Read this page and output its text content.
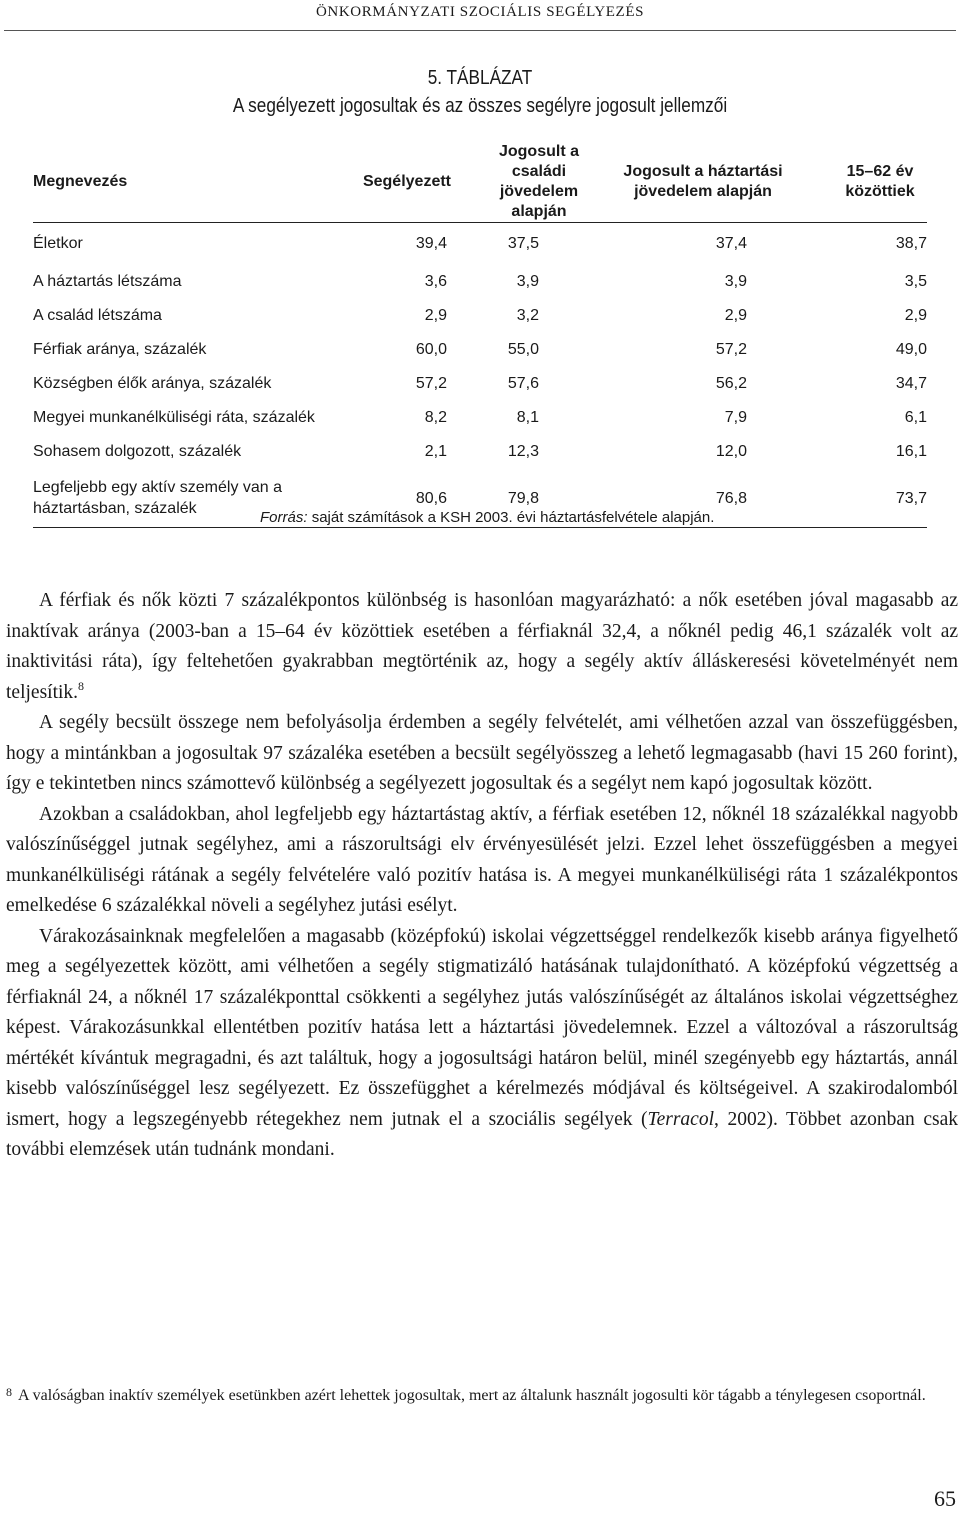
ÖNKORMÁNYZATI SZOCIÁLIS SEGÉLYEZÉS
5. TÁBLÁZAT
A segélyezett jogosultak és az összes segélyre jogosult jellemzői
Megnevezés	Segélyezett	Jogosult a családi jövedelem alapján	Jogosult a háztartási jövedelem alapján	15–62 év közöttiek
Életkor	39,4	37,5	37,4	38,7
A háztartás létszáma	3,6	3,9	3,9	3,5
A család létszáma	2,9	3,2	2,9	2,9
Férfiak aránya, százalék	60,0	55,0	57,2	49,0
Községben élők aránya, százalék	57,2	57,6	56,2	34,7
Megyei munkanélküliségi ráta, százalék	8,2	8,1	7,9	6,1
Sohasem dolgozott, százalék	2,1	12,3	12,0	16,1
Legfeljebb egy aktív személy van a háztartásban, százalék	80,6	79,8	76,8	73,7
Forrás: saját számítások a KSH 2003. évi háztartásfelvétele alapján.

A férfiak és nők közti 7 százalékpontos különbség is hasonlóan magyarázható: a nők esetében jóval magasabb az inaktívak aránya (2003-ban a 15–64 év közöttiek esetében a férfiaknál 32,4, a nőknél pedig 46,1 százalék volt az inaktivitási ráta), így feltehetően gyakrabban megtörténik az, hogy a segély aktív álláskeresési követelményét nem teljesítik.$^8$

A segély becsült összege nem befolyásolja érdemben a segély felvételét, ami vélhetően azzal van összefüggésben, hogy a mintánkban a jogosultak 97 százaléka esetében a becsült segélyösszeg a lehető legmagasabb (havi 15 260 forint), így e tekintetben nincs számottevő különbség a segélyezett jogosultak és a segélyt nem kapó jogosultak között.

Azokban a családokban, ahol legfeljebb egy háztartástag aktív, a férfiak esetében 12, nőknél 18 százalékkal nagyobb valószínűséggel jutnak segélyhez, ami a rászorultsági elv érvényesülését jelzi. Ezzel lehet összefüggésben a megyei munkanélküliségi rátának a segély felvételére való pozitív hatása is. A megyei munkanélküliségi ráta 1 százalékpontos emelkedése 6 százalékkal növeli a segélyhez jutási esélyt.

Várakozásainknak megfelelően a magasabb (középfokú) iskolai végzettséggel rendelkezők kisebb aránya figyelhető meg a segélyezettek között, ami vélhetően a segély stigmatizáló hatásának tulajdonítható. A középfokú végzettség a férfiaknál 24, a nőknél 17 százalékponttal csökkenti a segélyhez jutás valószínűségét az általános iskolai végzettséghez képest. Várakozásunkkal ellentétben pozitív hatása lett a háztartási jövedelemnek. Ezzel a változóval a rászorultság mértékét kívántuk megragadni, és azt találtuk, hogy a jogosultsági határon belül, minél szegényebb egy háztartás, annál kisebb valószínűséggel lesz segélyezett. Ez összefügghet a kérelmezés módjával és költségeivel. A szakirodalomból ismert, hogy a legszegényebb rétegekhez nem jutnak el a szociális segélyek (Terracol, 2002). Többet azonban csak további elemzések után tudnánk mondani.

$^8$ A valóságban inaktív személyek esetünkben azért lehettek jogosultak, mert az általunk használt jogosulti kör tágabb a ténylegesen csoportnál.
65
